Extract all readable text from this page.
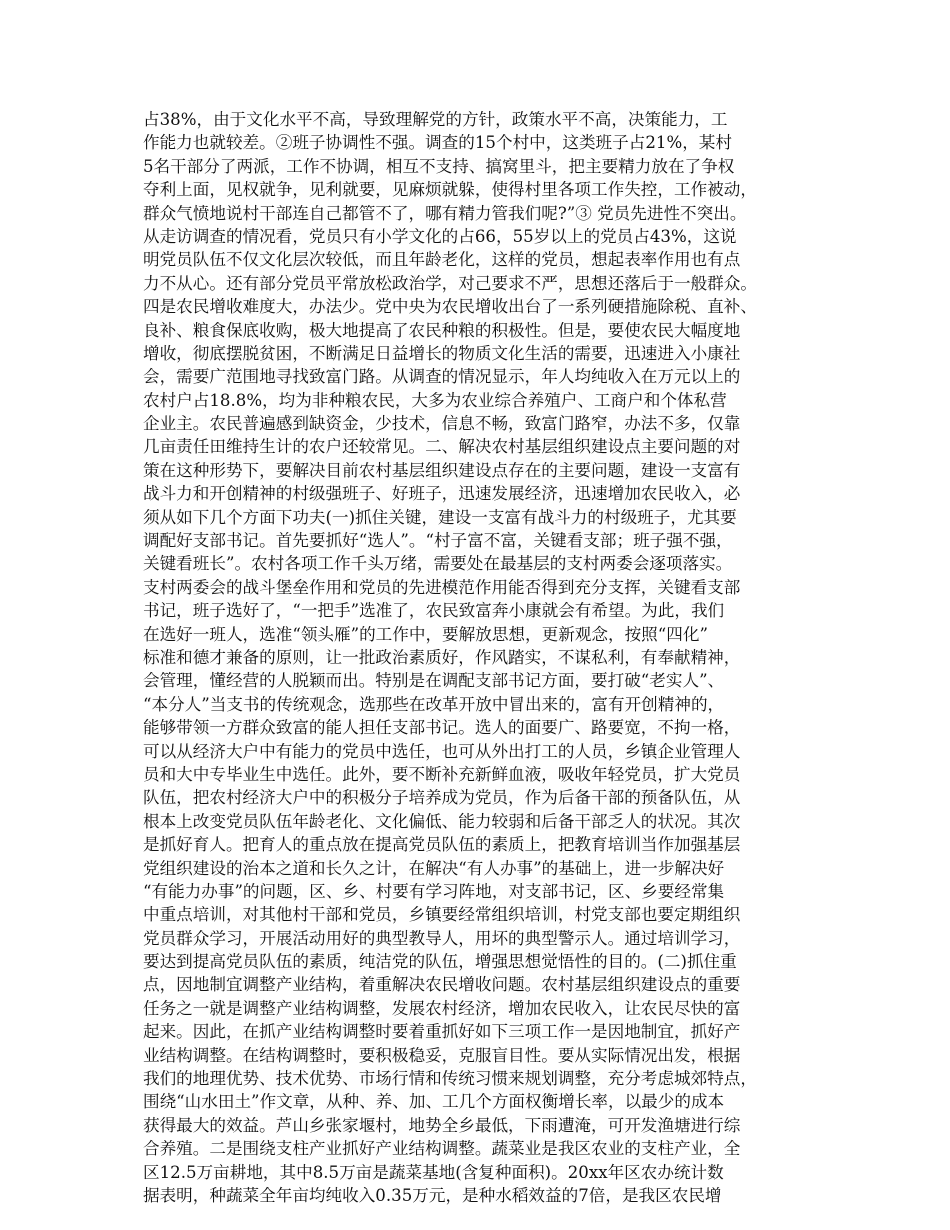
占38%，由于文化水平不高，导致理解党的方针，政策水平不高，决策能力，工
作能力也就较差。②班子协调性不强。调查的15个村中，这类班子占21%，某村
5名干部分了两派，工作不协调，相互不支持、搞窝里斗，把主要精力放在了争权
夺利上面，见权就争，见利就要，见麻烦就躲，使得村里各项工作失控，工作被动，
群众气愤地说村干部连自己都管不了，哪有精力管我们呢?”③ 党员先进性不突出。
从走访调查的情况看，党员只有小学文化的占66，55岁以上的党员占43%，这说
明党员队伍不仅文化层次较低，而且年龄老化，这样的党员，想起表率作用也有点
力不从心。还有部分党员平常放松政治学，对己要求不严，思想还落后于一般群众。
四是农民增收难度大，办法少。党中央为农民增收出台了一系列硬措施除税、直补、
良补、粮食保底收购，极大地提高了农民种粮的积极性。但是，要使农民大幅度地
增收，彻底摆脱贫困，不断满足日益增长的物质文化生活的需要，迅速进入小康社
会，需要广范围地寻找致富门路。从调查的情况显示，年人均纯收入在万元以上的
农村户占18.8%，均为非种粮农民，大多为农业综合养殖户、工商户和个体私营
企业主。农民普遍感到缺资金，少技术，信息不畅，致富门路窄，办法不多，仅靠
几亩责任田维持生计的农户还较常见。二、解决农村基层组织建设点主要问题的对
策在这种形势下，要解决目前农村基层组织建设点存在的主要问题，建设一支富有
战斗力和开创精神的村级强班子、好班子，迅速发展经济，迅速增加农民收入，必
须从如下几个方面下功夫(一)抓住关键，建设一支富有战斗力的村级班子，尤其要
调配好支部书记。首先要抓好“选人”。“村子富不富，关键看支部；班子强不强，
关键看班长”。农村各项工作千头万绪，需要处在最基层的支村两委会逐项落实。
支村两委会的战斗堡垒作用和党员的先进模范作用能否得到充分支挥，关键看支部
书记，班子选好了，“一把手”选准了，农民致富奔小康就会有希望。为此，我们
在选好一班人，选准“领头雁”的工作中，要解放思想，更新观念，按照“四化”
标准和德才兼备的原则，让一批政治素质好，作风踏实，不谋私利，有奉献精神，
会管理，懂经营的人脱颖而出。特别是在调配支部书记方面，要打破“老实人”、
“本分人”当支书的传统观念，选那些在改革开放中冒出来的，富有开创精神的，
能够带领一方群众致富的能人担任支部书记。选人的面要广、路要宽，不拘一格，
可以从经济大户中有能力的党员中选任，也可从外出打工的人员，乡镇企业管理人
员和大中专毕业生中选任。此外，要不断补充新鲜血液，吸收年轻党员，扩大党员
队伍，把农村经济大户中的积极分子培养成为党员，作为后备干部的预备队伍，从
根本上改变党员队伍年龄老化、文化偏低、能力较弱和后备干部乏人的状况。其次
是抓好育人。把育人的重点放在提高党员队伍的素质上，把教育培训当作加强基层
党组织建设的治本之道和长久之计，在解决“有人办事”的基础上，进一步解决好
“有能力办事”的问题，区、乡、村要有学习阵地，对支部书记，区、乡要经常集
中重点培训，对其他村干部和党员，乡镇要经常组织培训，村党支部也要定期组织
党员群众学习，开展活动用好的典型教导人，用坏的典型警示人。通过培训学习，
要达到提高党员队伍的素质，纯洁党的队伍，增强思想觉悟性的目的。(二)抓住重
点，因地制宜调整产业结构，着重解决农民增收问题。农村基层组织建设点的重要
任务之一就是调整产业结构调整，发展农村经济，增加农民收入，让农民尽快的富
起来。因此，在抓产业结构调整时要着重抓好如下三项工作一是因地制宜，抓好产
业结构调整。在结构调整时，要积极稳妥，克服盲目性。要从实际情况出发，根据
我们的地理优势、技术优势、市场行情和传统习惯来规划调整，充分考虑城郊特点，
围绕“山水田土”作文章，从种、养、加、工几个方面权衡增长率，以最少的成本
获得最大的效益。芦山乡张家堰村，地势全乡最低，下雨遭淹，可开发渔塘进行综
合养殖。二是围绕支柱产业抓好产业结构调整。蔬菜业是我区农业的支柱产业，全
区12.5万亩耕地，其中8.5万亩是蔬菜基地(含复种面积)。20xx年区农办统计数
据表明，种蔬菜全年亩均纯收入0.35万元，是种水稻效益的7倍，是我区农民增
